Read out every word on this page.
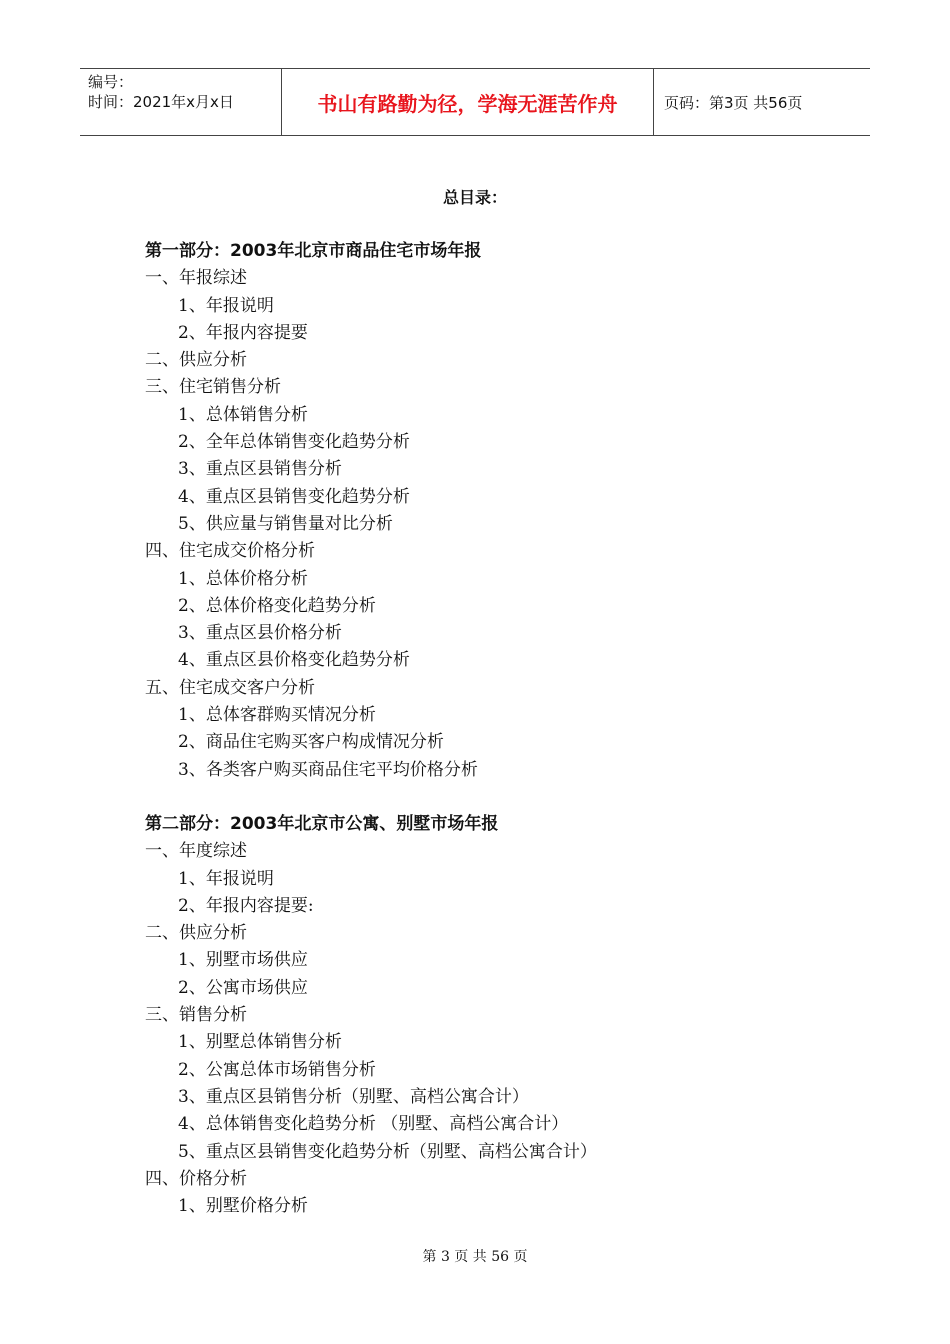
编号：
时间：2021年x月x日	书山有路勤为径，学海无涯苦作舟	页码：第3页 共56页
总目录：
第一部分：2003年北京市商品住宅市场年报
一、年报综述
1、年报说明
2、年报内容提要
二、供应分析
三、住宅销售分析
1、总体销售分析
2、全年总体销售变化趋势分析
3、重点区县销售分析
4、重点区县销售变化趋势分析
5、供应量与销售量对比分析
四、住宅成交价格分析
1、总体价格分析
2、总体价格变化趋势分析
3、重点区县价格分析
4、重点区县价格变化趋势分析
五、住宅成交客户分析
1、总体客群购买情况分析
2、商品住宅购买客户构成情况分析
3、各类客户购买商品住宅平均价格分析
第二部分：2003年北京市公寓、别墅市场年报
一、年度综述
1、年报说明
2、年报内容提要:
二、供应分析
1、别墅市场供应
2、公寓市场供应
三、销售分析
1、别墅总体销售分析
2、公寓总体市场销售分析
3、重点区县销售分析（别墅、高档公寓合计）
4、总体销售变化趋势分析 （别墅、高档公寓合计）
5、重点区县销售变化趋势分析（别墅、高档公寓合计）
四、价格分析
1、别墅价格分析
第 3 页 共 56 页
